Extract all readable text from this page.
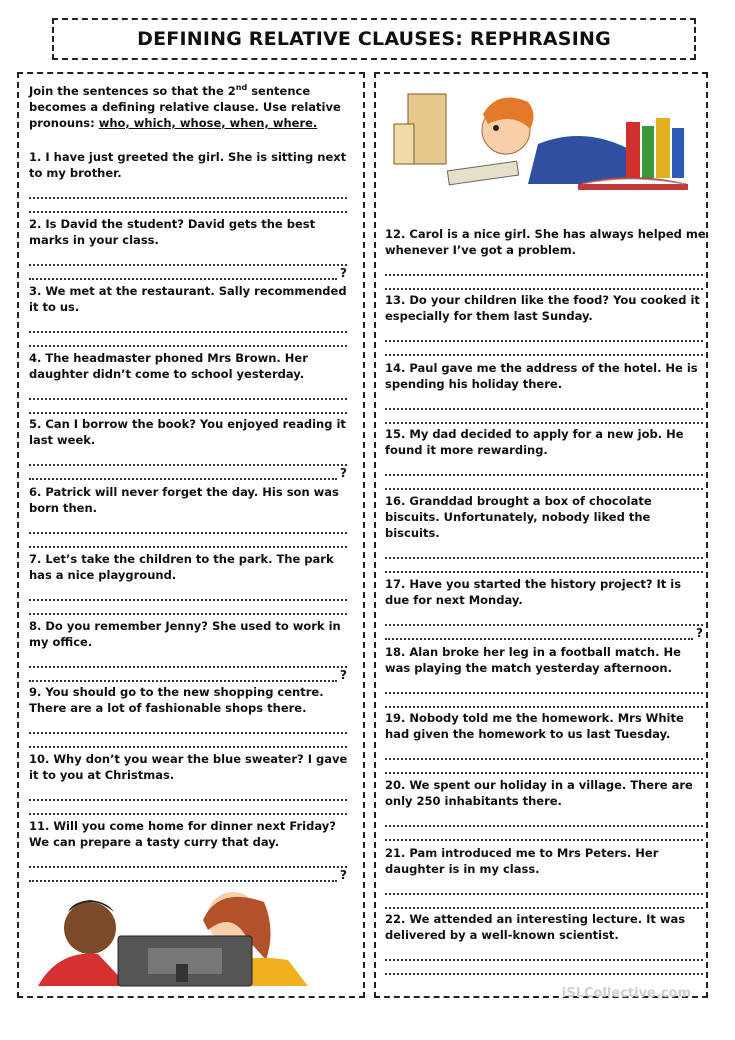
DEFINING RELATIVE CLAUSES: REPHRASING
Join the sentences so that the 2nd sentence becomes a defining relative clause. Use relative pronouns: who, which, whose, when, where.
iSLCollective.com
1. I have just greeted the girl. She is sitting next to my brother.
2. Is David the student? David gets the best marks in your class.
?
3. We met at the restaurant. Sally recommended it to us.
4. The headmaster phoned Mrs Brown. Her daughter didn’t come to school yesterday.
5. Can I borrow the book? You enjoyed reading it last week.
?
6. Patrick will never forget the day. His son was born then.
7. Let’s take the children to the park. The park has a nice playground.
8. Do you remember Jenny? She used to work in my office.
?
9. You should go to the new shopping centre. There are a lot of fashionable shops there.
10. Why don’t you wear the blue sweater? I gave it to you at Christmas.
11. Will you come home for dinner next Friday? We can prepare a tasty curry that day.
?
12. Carol is a nice girl. She has always helped me whenever I’ve got a problem.
13. Do your children like the food? You cooked it especially for them last Sunday.
14. Paul gave me the address of the hotel. He is spending his holiday there.
15. My dad decided to apply for a new job. He found it more rewarding.
16. Granddad brought a box of chocolate biscuits. Unfortunately, nobody liked the biscuits.
17. Have you started the history project? It is due for next Monday.
?
18. Alan broke her leg in a football match. He was playing the match yesterday afternoon.
19. Nobody told me the homework. Mrs White had given the homework to us last Tuesday.
20. We spent our holiday in a village. There are only 250 inhabitants there.
21. Pam introduced me to Mrs Peters. Her daughter is in my class.
22. We attended an interesting lecture. It was delivered by a well-known scientist.
